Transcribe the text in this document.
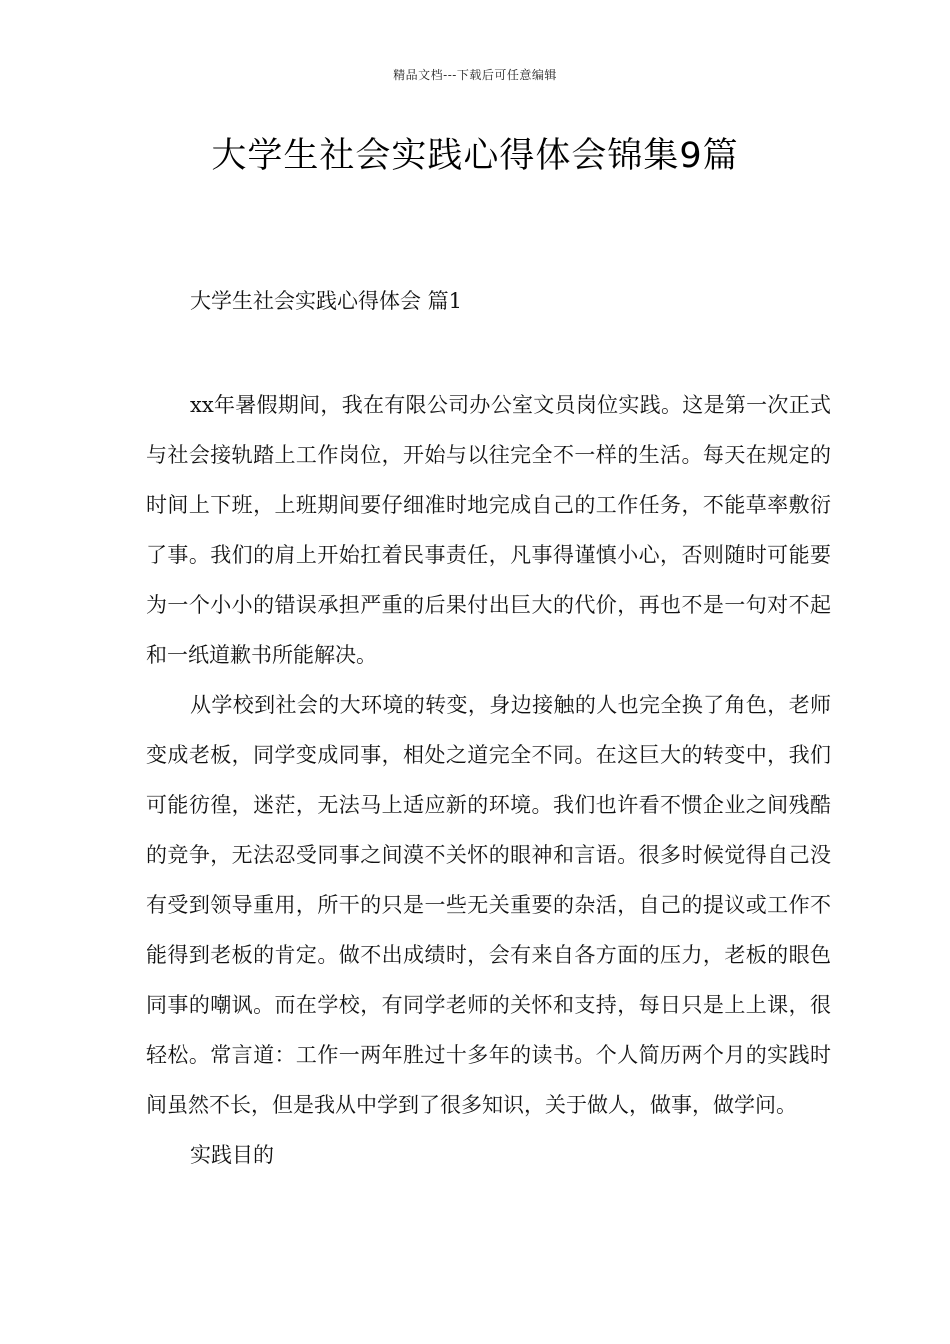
精品文档---下载后可任意编辑
大学生社会实践心得体会锦集9篇
大学生社会实践心得体会 篇1

xx年暑假期间，我在有限公司办公室文员岗位实践。这是第一次正式与社会接轨踏上工作岗位，开始与以往完全不一样的生活。每天在规定的时间上下班，上班期间要仔细准时地完成自己的工作任务，不能草率敷衍了事。我们的肩上开始扛着民事责任，凡事得谨慎小心，否则随时可能要为一个小小的错误承担严重的后果付出巨大的代价，再也不是一句对不起和一纸道歉书所能解决。

从学校到社会的大环境的转变，身边接触的人也完全换了角色，老师变成老板，同学变成同事，相处之道完全不同。在这巨大的转变中，我们可能彷徨，迷茫，无法马上适应新的环境。我们也许看不惯企业之间残酷的竞争，无法忍受同事之间漠不关怀的眼神和言语。很多时候觉得自己没有受到领导重用，所干的只是一些无关重要的杂活，自己的提议或工作不能得到老板的肯定。做不出成绩时，会有来自各方面的压力，老板的眼色同事的嘲讽。而在学校，有同学老师的关怀和支持，每日只是上上课，很轻松。常言道：工作一两年胜过十多年的读书。个人简历两个月的实践时间虽然不长，但是我从中学到了很多知识，关于做人，做事，做学问。

实践目的
